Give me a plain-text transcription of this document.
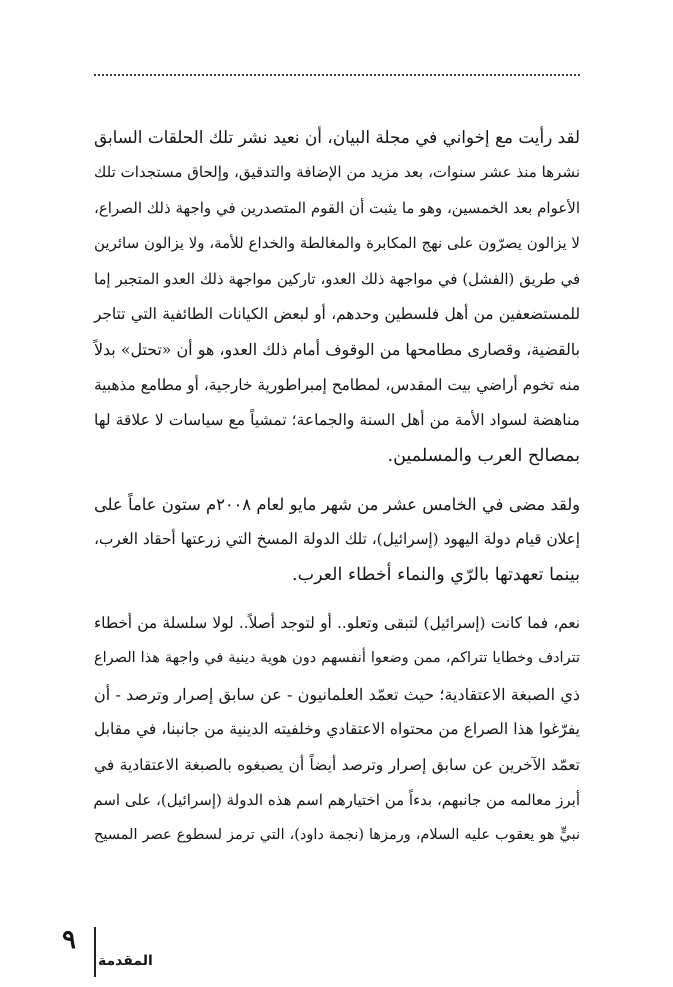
لقد رأيت مع إخواني في مجلة البيان، أن نعيد نشر تلك الحلقات السابق
نشرها منذ عشر سنوات، بعد مزيد من الإضافة والتدقيق، وإلحاق مستجدات تلك
الأعوام بعد الخمسين، وهو ما يثبت أن القوم المتصدرين في واجهة ذلك الصراع،
لا يزالون يصرّون على نهج المكابرة والمغالطة والخداع للأمة، ولا يزالون سائرين
في طريق (الفشل) في مواجهة ذلك العدو، تاركين مواجهة ذلك العدو المتجبر إما
للمستضعفين من أهل فلسطين وحدهم، أو لبعض الكيانات الطائفية التي تتاجر
بالقضية، وقصارى مطامحها من الوقوف أمام ذلك العدو، هو أن «تحتل» بدلاً
منه تخوم أراضي بيت المقدس، لمطامح إمبراطورية خارجية، أو مطامع مذهبية
مناهضة لسواد الأمة من أهل السنة والجماعة؛ تمشياً مع سياسات لا علاقة لها
بمصالح العرب والمسلمين.
ولقد مضى في الخامس عشر من شهر مايو لعام ٢٠٠٨م ستون عاماً على
إعلان قيام دولة اليهود (إسرائيل)، تلك الدولة المسخ التي زرعتها أحقاد الغرب،
بينما تعهدتها بالرّي والنماء أخطاء العرب.
نعم، فما كانت (إسرائيل) لتبقى وتعلو.. أو لتوجد أصلاً.. لولا سلسلة من أخطاء
تترادف وخطايا تتراكم، ممن وضعوا أنفسهم دون هوية دينية في واجهة هذا الصراع
ذي الصبغة الاعتقادية؛ حيث تعمّد العلمانيون - عن سابق إصرار وترصد - أن
يفرّغوا هذا الصراع من محتواه الاعتقادي وخلفيته الدينية من جانبنا، في مقابل
تعمّد الآخرين عن سابق إصرار وترصد أيضاً أن يصبغوه بالصبغة الاعتقادية في
أبرز معالمه من جانبهم، بدءاً من اختيارهم اسم هذه الدولة (إسرائيل)، على اسم
نبيٍّ هو يعقوب عليه السلام، ورمزها (نجمة داود)، التي ترمز لسطوع عصر المسيح
٩
المقدمة
